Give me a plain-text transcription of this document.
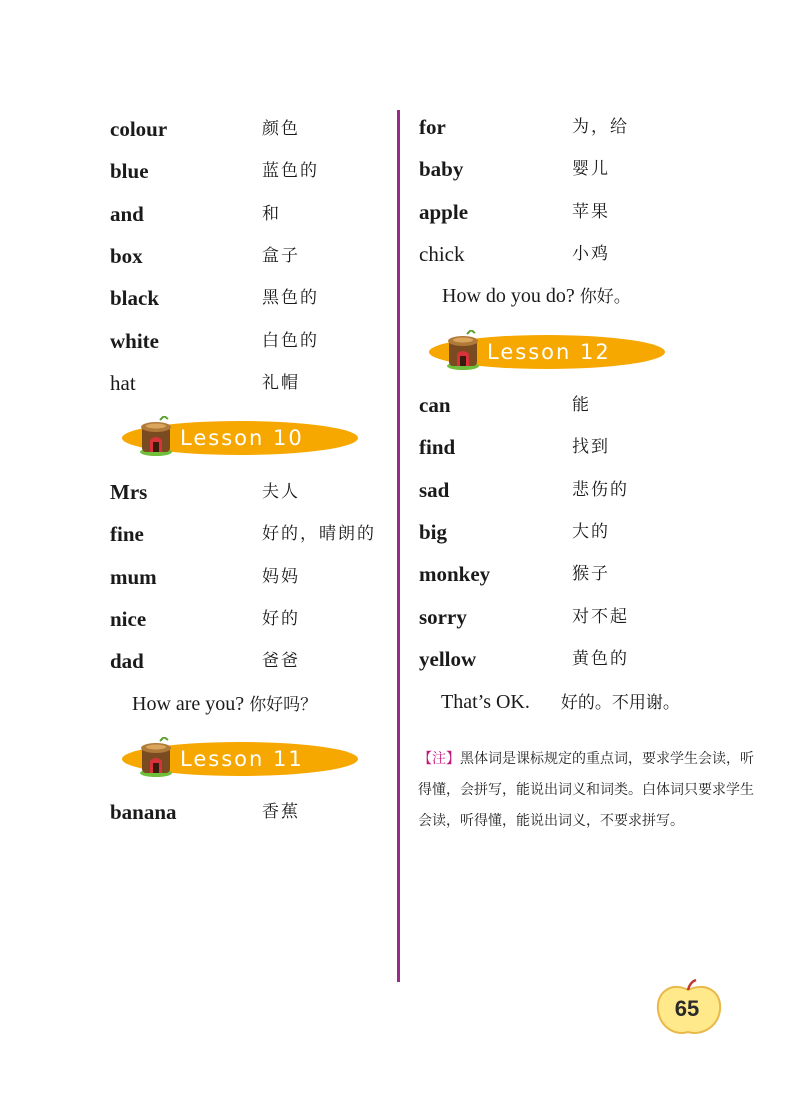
colour	颜色
blue	蓝色的
and	和
box	盒子
black	黑色的
white	白色的
hat	礼帽
Lesson 10
Mrs	夫人
fine	好的，晴朗的
mum	妈妈
nice	好的
dad	爸爸
How are you? 你好吗？
Lesson 11
banana	香蕉
for	为，给
baby	婴儿
apple	苹果
chick	小鸡
How do you do? 你好。
Lesson 12
can	能
find	找到
sad	悲伤的
big	大的
monkey	猴子
sorry	对不起
yellow	黄色的
That’s OK. 好的。不用谢。
【注】黑体词是课标规定的重点词，要求学生会读，听得懂，会拼写，能说出词义和词类。白体词只要求学生会读，听得懂，能说出词义，不要求拼写。
65
